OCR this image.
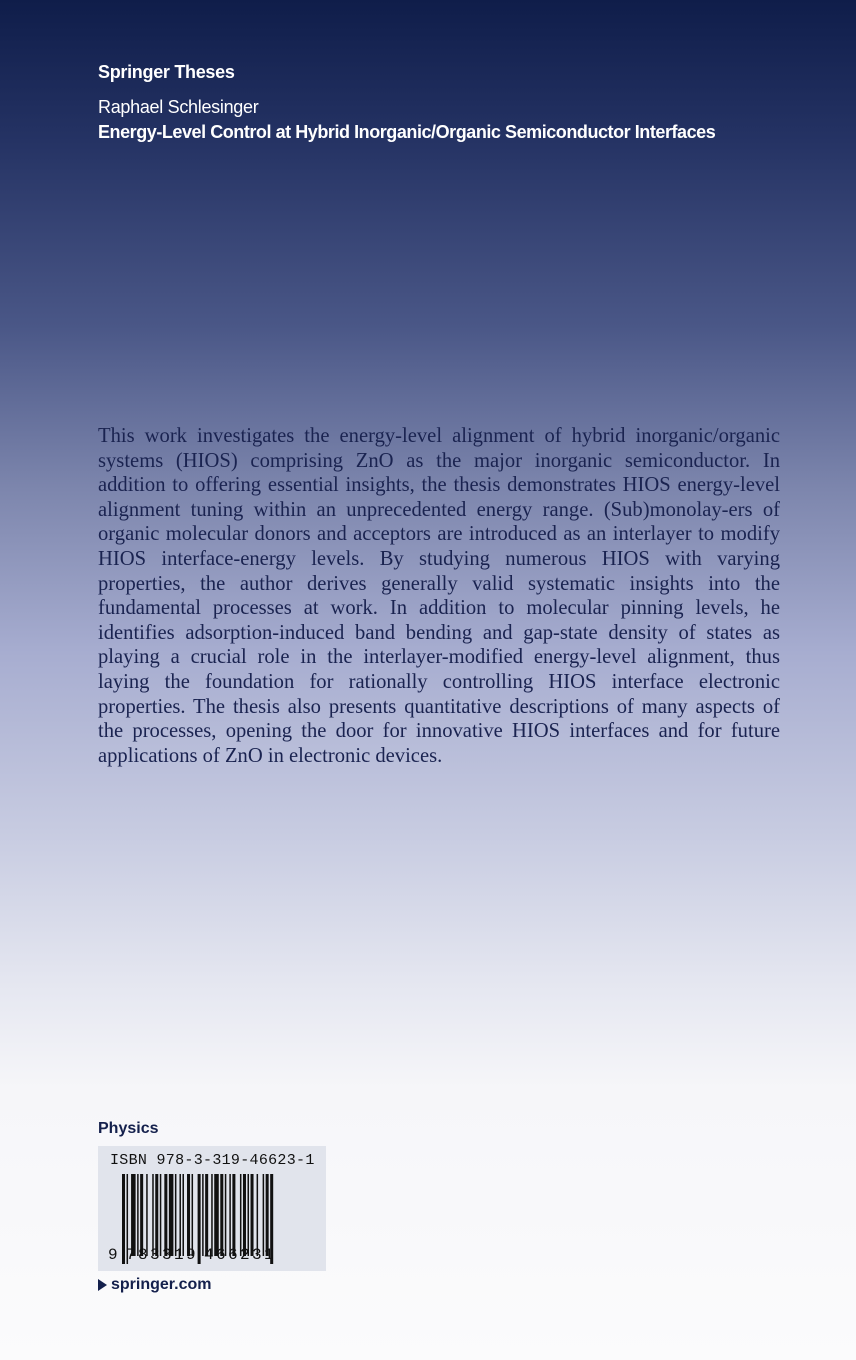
Springer Theses
Raphael Schlesinger
Energy-Level Control at Hybrid Inorganic/Organic Semiconductor Interfaces
This work investigates the energy-level alignment of hybrid inorganic/organic systems (HIOS) comprising ZnO as the major inorganic semiconductor. In addition to offering essential insights, the thesis demonstrates HIOS energy-level alignment tuning within an unprecedented energy range. (Sub)monolay-ers of organic molecular donors and acceptors are introduced as an interlayer to modify HIOS interface-energy levels. By studying numerous HIOS with varying properties, the author derives generally valid systematic insights into the fundamental processes at work. In addition to molecular pinning levels, he identifies adsorption-induced band bending and gap-state density of states as playing a crucial role in the interlayer-modified energy-level alignment, thus laying the foundation for rationally controlling HIOS interface electronic properties. The thesis also presents quantitative descriptions of many aspects of the processes, opening the door for innovative HIOS interfaces and for future applications of ZnO in electronic devices.
Physics
ISBN 978-3-319-46623-1
9 783319 466231
springer.com
